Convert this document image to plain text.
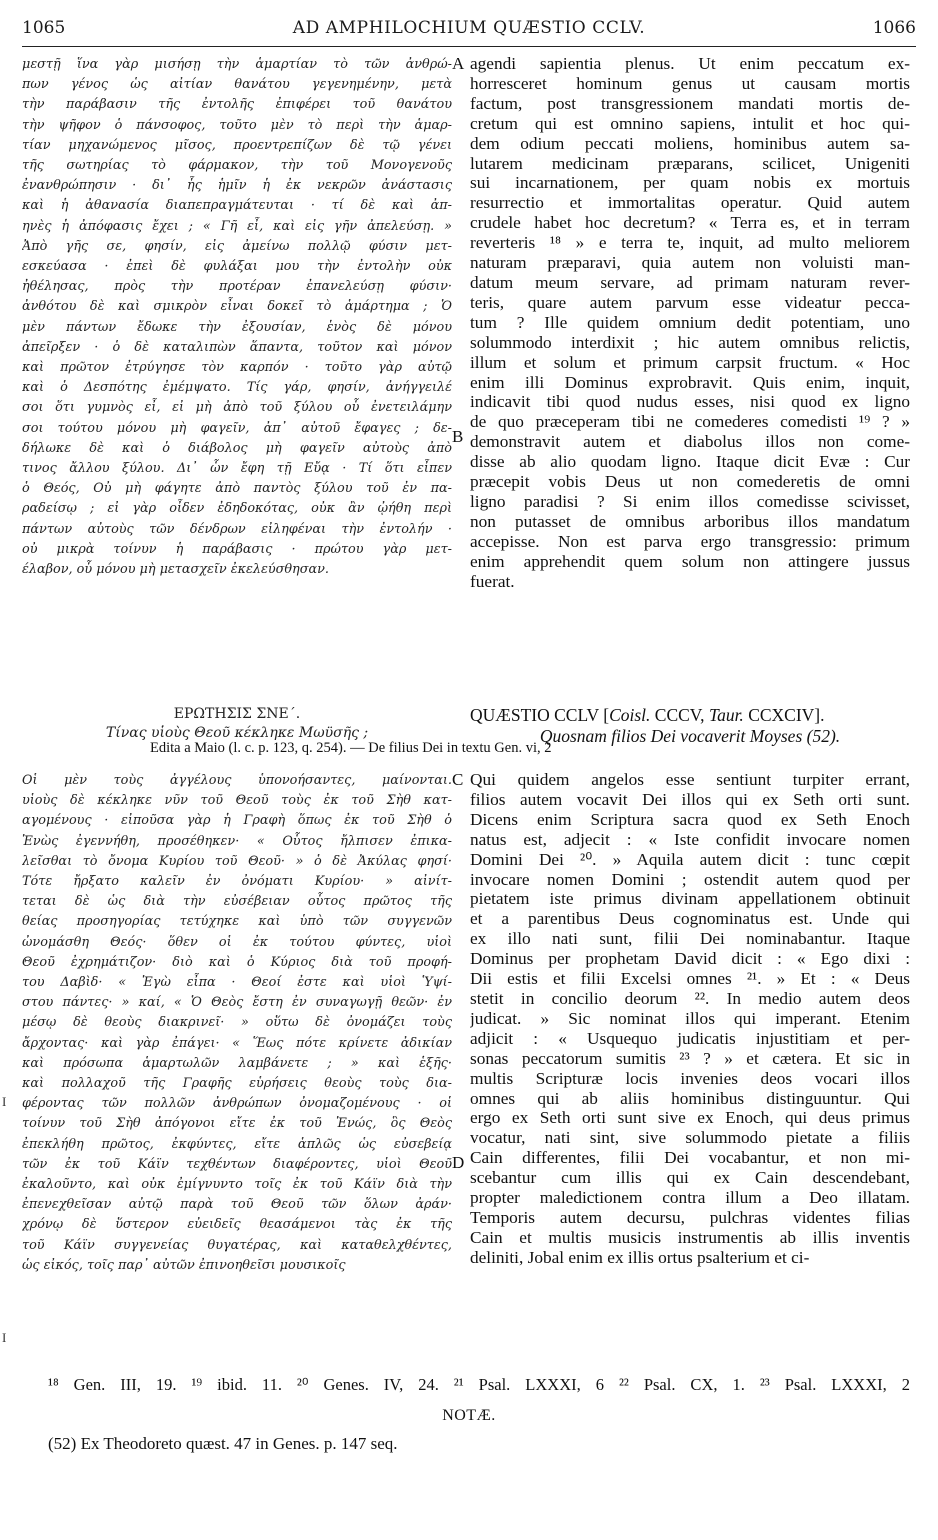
1065	AD AMPHILOCHIUM QUÆSTIO CCLV.	1066
μεστῇ ἵνα γὰρ μισήσῃ τὴν ἁμαρτίαν τὸ τῶν ἀνθρώ-
πων γένος ὡς αἰτίαν θανάτου γεγενημένην, μετὰ
τὴν παράβασιν τῆς ἐντολῆς ἐπιφέρει τοῦ θανάτου
τὴν ψῆφον ὁ πάνσοφος, τοῦτο μὲν τὸ περὶ τὴν ἁμαρ-
τίαν μηχανώμενος μῖσος, προεντρεπίζων δὲ τῷ γένει
τῆς σωτηρίας τὸ φάρμακον, τὴν τοῦ Μονογενοῦς
ἐνανθρώπησιν · δι᾽ ἧς ἡμῖν ἡ ἐκ νεκρῶν ἀνάστασις
καὶ ἡ ἀθανασία διαπεπραγμάτευται · τί δὲ καὶ ἀπ-
ηνὲς ἡ ἀπόφασις ἔχει ; « Γῆ εἶ, καὶ εἰς γῆν ἀπελεύσῃ. »
Ἀπὸ γῆς σε, φησίν, εἰς ἀμείνω πολλῷ φύσιν μετ-
εσκεύασα · ἐπεὶ δὲ φυλάξαι μου τὴν ἐντολὴν οὐκ
ἠθέλησας, πρὸς τὴν προτέραν ἐπανελεύσῃ φύσιν·
ἀνθότου δὲ καὶ σμικρὸν εἶναι δοκεῖ τὸ ἁμάρτημα ; Ὁ
μὲν πάντων ἔδωκε τὴν ἐξουσίαν, ἑνὸς δὲ μόνου
ἀπεῖρξεν · ὁ δὲ καταλιπὼν ἅπαντα, τοῦτον καὶ μόνον
καὶ πρῶτον ἐτρύγησε τὸν καρπόν · τοῦτο γὰρ αὐτῷ
καὶ ὁ Δεσπότης ἐμέμψατο. Τίς γάρ, φησίν, ἀνήγγειλέ
σοι ὅτι γυμνὸς εἶ, εἰ μὴ ἀπὸ τοῦ ξύλου οὗ ἐνετειλάμην
σοι τούτου μόνου μὴ φαγεῖν, ἀπ᾽ αὐτοῦ ἔφαγες ; δε-
δήλωκε δὲ καὶ ὁ διάβολος μὴ φαγεῖν αὐτοὺς ἀπὸ
τινος ἄλλου ξύλου. Δι᾽ ὧν ἔφη τῇ Εὔᾳ · Τί ὅτι εἶπεν
ὁ Θεός, Οὐ μὴ φάγητε ἀπὸ παντὸς ξύλου τοῦ ἐν πα-
ραδείσῳ ; εἰ γὰρ οἶδεν ἐδηδοκότας, οὐκ ἂν ᾠήθη περὶ
πάντων αὐτοὺς τῶν δένδρων εἰληφέναι τὴν ἐντολήν ·
οὐ μικρὰ τοίνυν ἡ παράβασις · πρώτου γὰρ μετ-
έλαβον, οὗ μόνου μὴ μετασχεῖν ἐκελεύσθησαν.
agendi sapientia plenus. Ut enim peccatum ex-
horresceret hominum genus ut causam mortis
factum, post transgressionem mandati mortis de-
cretum qui est omnino sapiens, intulit et hoc qui-
dem odium peccati moliens, hominibus autem sa-
lutarem medicinam præparans, scilicet, Unigeniti
sui incarnationem, per quam nobis ex mortuis
resurrectio et immortalitas operatur. Quid autem
crudele habet hoc decretum? « Terra es, et in terram
reverteris ¹⁸ » e terra te, inquit, ad multo meliorem
naturam præparavi, quia autem non voluisti man-
datum meum servare, ad primam naturam rever-
teris, quare autem parvum esse videatur pecca-
tum ? Ille quidem omnium dedit potentiam, uno
solummodo interdixit ; hic autem omnibus relictis,
illum et solum et primum carpsit fructum. « Hoc
enim illi Dominus exprobravit. Quis enim, inquit,
indicavit tibi quod nudus esses, nisi quod ex ligno
de quo præceperam tibi ne comederes comedisti ¹⁹ ? »
demonstravit autem et diabolus illos non come-
disse ab alio quodam ligno. Itaque dicit Evæ : Cur
præcepit vobis Deus ut non comederetis de omni
ligno paradisi ? Si enim illos comedisse scivisset,
non putasset de omnibus arboribus illos mandatum
accepisse. Non est parva ergo transgressio: primum
enim apprehendit quem solum non attingere jussus
fuerat.
A
B
C
D
ΕΡΩΤΗΣΙΣ ΣΝΕ΄.
Τίνας υἱοὺς Θεοῦ κέκληκε Μωϋσῆς ;
QUÆSTIO CCLV [Coisl. CCCV, Taur. CCXCIV].
Quosnam filios Dei vocaverit Moyses (52).
Edita a Maio (l. c. p. 123, q. 254). — De filius Dei in textu Gen. vi, 2
Οἱ μὲν τοὺς ἀγγέλους ὑπονοήσαντες, μαίνονται.
υἱοὺς δὲ κέκληκε νῦν τοῦ Θεοῦ τοὺς ἐκ τοῦ Σὴθ κατ-
αγομένους · εἰποῦσα γὰρ ἡ Γραφὴ ὅπως ἐκ τοῦ Σὴθ ὁ
Ἐνὼς ἐγεννήθη, προσέθηκεν· « Οὗτος ἤλπισεν ἐπικα-
λεῖσθαι τὸ ὄνομα Κυρίου τοῦ Θεοῦ· » ὁ δὲ Ἀκύλας φησί·
Τότε ἤρξατο καλεῖν ἐν ὀνόματι Κυρίου· » αἰνίτ-
τεται δὲ ὡς διὰ τὴν εὐσέβειαν οὗτος πρῶτος τῆς
θείας προσηγορίας τετύχηκε καὶ ὑπὸ τῶν συγγενῶν
ὠνομάσθη Θεός· ὅθεν οἱ ἐκ τούτου φύντες, υἱοὶ
Θεοῦ ἐχρημάτιζον· διὸ καὶ ὁ Κύριος διὰ τοῦ προφή-
του Δαβὶδ· « Ἐγὼ εἶπα · Θεοί ἐστε καὶ υἱοὶ Ὑψί-
στου πάντες· » καί, « Ὁ Θεὸς ἔστη ἐν συναγωγῇ θεῶν· ἐν
μέσῳ δὲ θεοὺς διακρινεῖ· » οὕτω δὲ ὀνομάζει τοὺς
ἄρχοντας· καὶ γὰρ ἐπάγει· « Ἕως πότε κρίνετε ἀδικίαν
καὶ πρόσωπα ἁμαρτωλῶν λαμβάνετε ; » καὶ ἑξῆς·
καὶ πολλαχοῦ τῆς Γραφῆς εὑρήσεις θεοὺς τοὺς δια-
φέροντας τῶν πολλῶν ἀνθρώπων ὀνομαζομένους · οἱ
τοίνυν τοῦ Σὴθ ἀπόγονοι εἴτε ἐκ τοῦ Ἐνώς, ὃς Θεὸς
ἐπεκλήθη πρῶτος, ἐκφύντες, εἴτε ἁπλῶς ὡς εὐσεβείᾳ
τῶν ἐκ τοῦ Κάϊν τεχθέντων διαφέροντες, υἱοὶ Θεοῦ
ἐκαλοῦντο, καὶ οὐκ ἐμίγνυντο τοῖς ἐκ τοῦ Κάϊν διὰ τὴν
ἐπενεχθεῖσαν αὐτῷ παρὰ τοῦ Θεοῦ τῶν ὅλων ἀράν·
χρόνῳ δὲ ὕστερον εὐειδεῖς θεασάμενοι τὰς ἐκ τῆς
τοῦ Κάϊν συγγενείας θυγατέρας, καὶ καταθελχθέντες,
ὡς εἰκός, τοῖς παρ᾽ αὐτῶν ἐπινοηθεῖσι μουσικοῖς
Qui quidem angelos esse sentiunt turpiter errant,
filios autem vocavit Dei illos qui ex Seth orti sunt.
Dicens enim Scriptura sacra quod ex Seth Enoch
natus est, adjecit : « Iste confidit invocare nomen
Domini Dei ²⁰. » Aquila autem dicit : tunc cœpit
invocare nomen Domini ; ostendit autem quod per
pietatem iste primus divinam appellationem obtinuit
et a parentibus Deus cognominatus est. Unde qui
ex illo nati sunt, filii Dei nominabantur. Itaque
Dominus per prophetam David dicit : « Ego dixi :
Dii estis et filii Excelsi omnes ²¹. » Et : « Deus
stetit in concilio deorum ²². In medio autem deos
judicat. » Sic nominat illos qui imperant. Etenim
adjicit : « Usquequo judicatis injustitiam et per-
sonas peccatorum sumitis ²³ ? » et cætera. Et sic in
multis Scripturæ locis invenies deos vocari illos
omnes qui ab aliis hominibus distinguuntur. Qui
ergo ex Seth orti sunt sive ex Enoch, qui deus primus
vocatur, nati sint, sive solummodo pietate a filiis
Cain differentes, filii Dei vocabantur, et non mi-
scebantur cum illis qui ex Cain descendebant,
propter maledictionem contra illum a Deo illatam.
Temporis autem decursu, pulchras videntes filias
Cain et multis musicis instrumentis ab illis inventis
deliniti, Jobal enim ex illis ortus psalterium et ci-
I
I
¹⁸ Gen. III, 19. ¹⁹ ibid. 11. ²⁰ Genes. IV, 24. ²¹ Psal. LXXXI, 6 ²² Psal. CX, 1. ²³ Psal. LXXXI, 2
NOTÆ.
(52) Ex Theodoreto quæst. 47 in Genes. p. 147 seq.
